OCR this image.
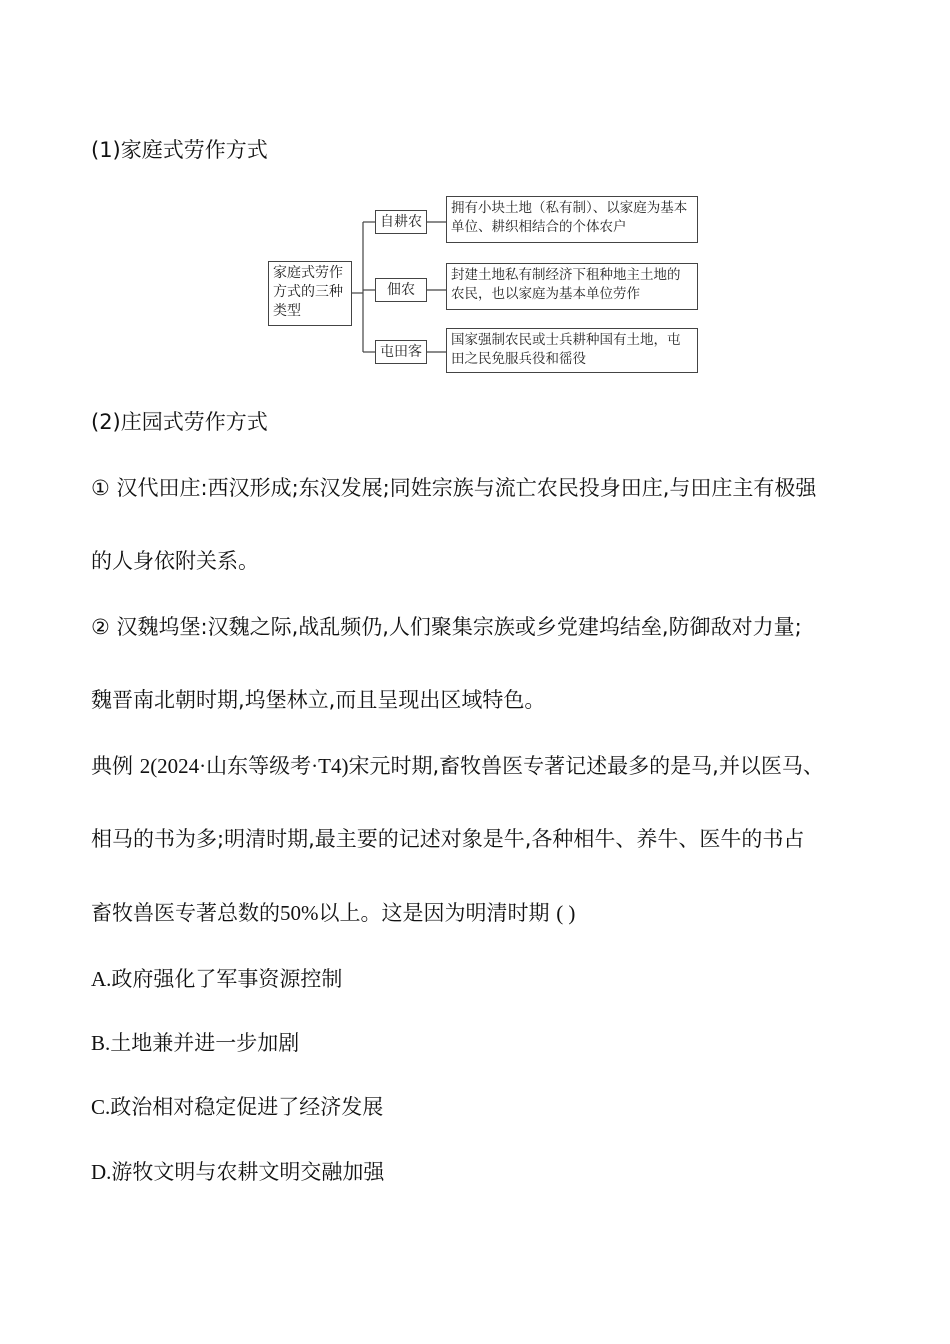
(1)家庭式劳作方式
家庭式劳作方式的三种类型
自耕农
拥有小块土地（私有制）、以家庭为基本单位、耕织相结合的个体农户
佃农
封建土地私有制经济下租种地主土地的农民，也以家庭为基本单位劳作
屯田客
国家强制农民或士兵耕种国有土地，屯田之民免服兵役和徭役
(2)庄园式劳作方式
① 汉代田庄:西汉形成;东汉发展;同姓宗族与流亡农民投身田庄,与田庄主有极强
的人身依附关系。
② 汉魏坞堡:汉魏之际,战乱频仍,人们聚集宗族或乡党建坞结垒,防御敌对力量;
魏晋南北朝时期,坞堡林立,而且呈现出区域特色。
典例 2(2024·山东等级考·T4)宋元时期,畜牧兽医专著记述最多的是马,并以医马、
相马的书为多;明清时期,最主要的记述对象是牛,各种相牛、养牛、医牛的书占
畜牧兽医专著总数的50%以上。这是因为明清时期 ( )
A.政府强化了军事资源控制
B.土地兼并进一步加剧
C.政治相对稳定促进了经济发展
D.游牧文明与农耕文明交融加强
